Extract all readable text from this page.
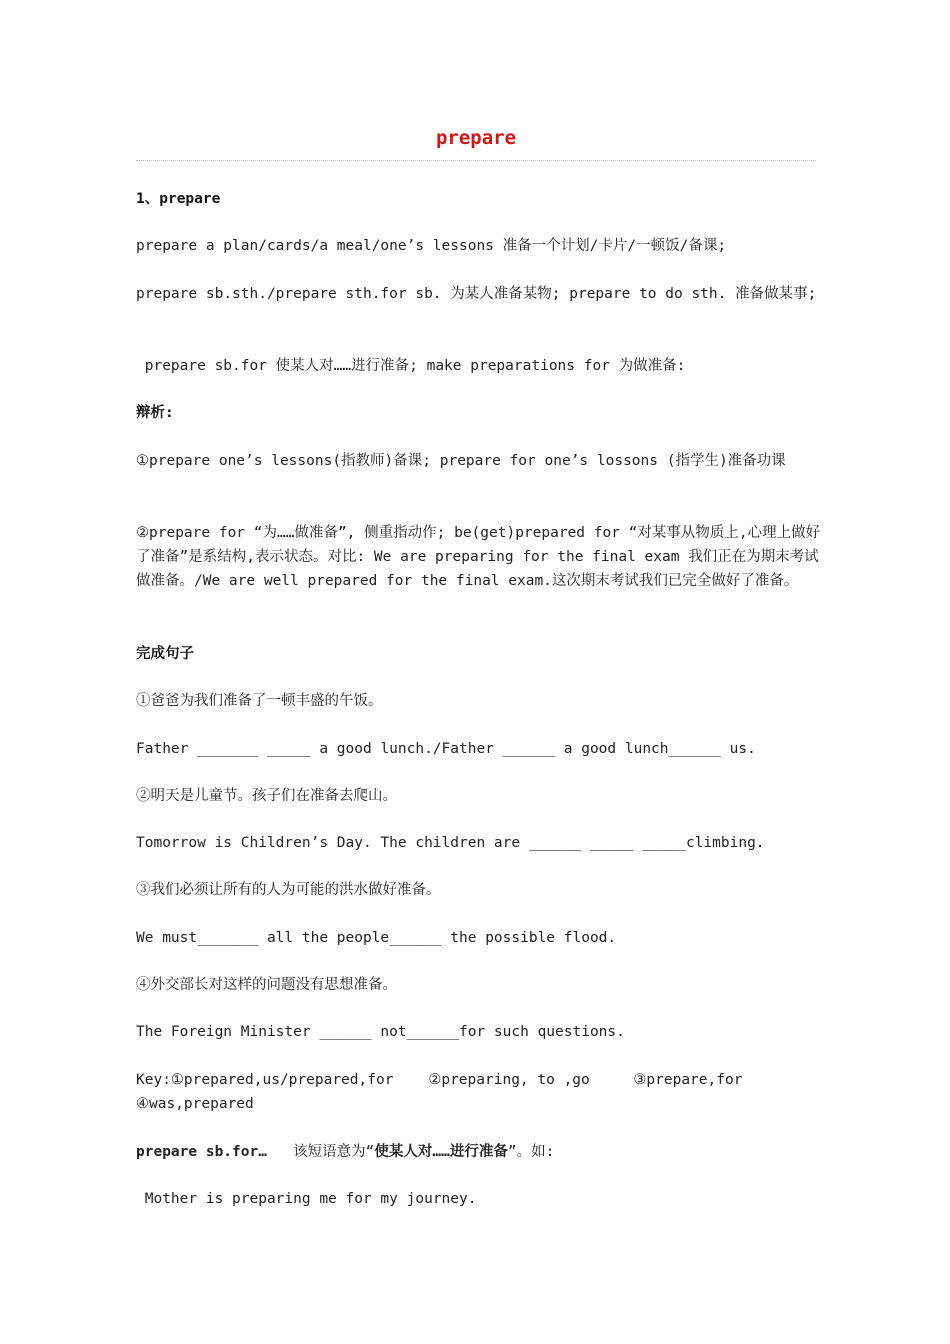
prepare

1、prepare

prepare a plan/cards/a meal/one’s lessons 准备一个计划/卡片/一顿饭/备课;

prepare sb.sth./prepare sth.for sb. 为某人准备某物; prepare to do sth. 准备做某事;

prepare sb.for 使某人对……进行准备; make preparations for 为做准备:

辩析:

①prepare one’s lessons(指教师)备课; prepare for one’s lossons (指学生)准备功课

②prepare for “为……做准备”, 侧重指动作; be(get)prepared for “对某事从物质上,心理上做好了准备”是系结构,表示状态。对比: We are preparing for the final exam 我们正在为期末考试做准备。/We are well prepared for the final exam.这次期末考试我们已完全做好了准备。

完成句子

①爸爸为我们准备了一顿丰盛的午饭。

Father _______ _____ a good lunch./Father ______ a good lunch______ us.

②明天是儿童节。孩子们在准备去爬山。

Tomorrow is Children’s Day. The children are ______ _____ _____climbing.

③我们必须让所有的人为可能的洪水做好准备。

We must_______ all the people______ the possible flood.

④外交部长对这样的问题没有思想准备。

The Foreign Minister ______ not______for such questions.

Key:①prepared,us/prepared,for    ②preparing, to ,go     ③prepare,for     ④was,prepared

prepare sb.for…   该短语意为“使某人对……进行准备”。如:

Mother is preparing me for my journey.
